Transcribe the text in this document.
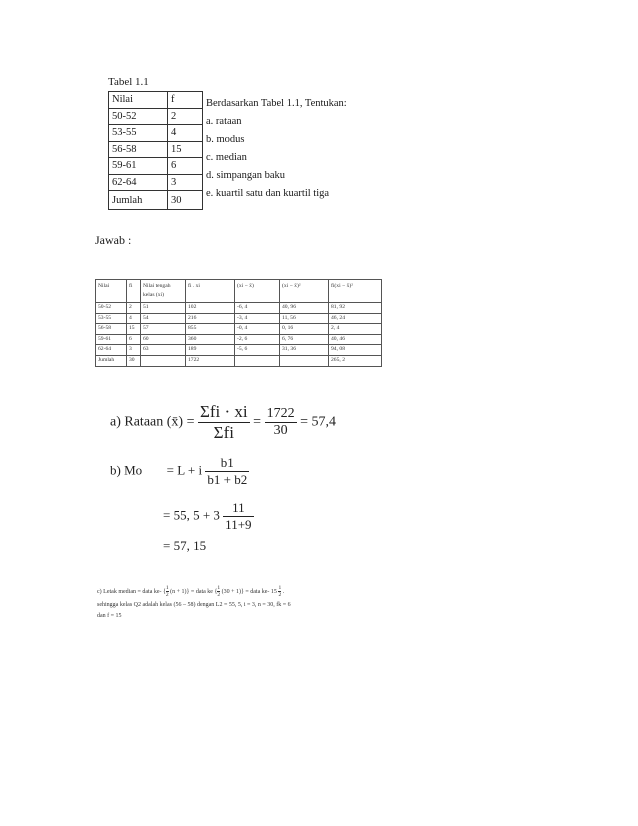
Tabel 1.1
Nilai	f
50-52	2
53-55	4
56-58	15
59-61	6
62-64	3
Jumlah	30
Berdasarkan Tabel 1.1, Tentukan:
a. rataan
b. modus
c. median
d. simpangan baku
e. kuartil satu dan kuartil tiga
Jawab :
Nilai	fi	Nilai tengah kelas (xi)	fi . xi	(xi − x̄)	(xi − x̄)²	fi(xi − x̄)²
50-52	2	51	102	-6, 4	40, 96	81, 92
53-55	4	54	216	-3, 4	11, 56	46, 24
56-58	15	57	855	-0, 4	0, 16	2, 4
59-61	6	60	360	-2, 6	6, 76	40, 46
62-64	3	63	189	-5, 6	31, 36	94, 08
Jumlah	30		1722			265, 2
a) Rataan (x̄) = $\frac{\text{Σfi · xi}}{\text{Σfi}} = \frac{1722}{30} = 57,4$
b) Mo = L + i $\frac{b1}{b1 + b2}$
= 55, $5 + 3 \frac{11}{11+9}$
= 57, 15
c) Letak median = data ke- { $\frac{1}{2} (n + 1)$} = data ke { $\frac{1}{2} (30 + 1)$} = data ke- $15 \frac{1}{2}$ .
sehingga kelas Q2 adalah kelas (56 – 58) dengan L2 = 55, 5, i = 3, n = 30, fk = 6
dan f = 15
